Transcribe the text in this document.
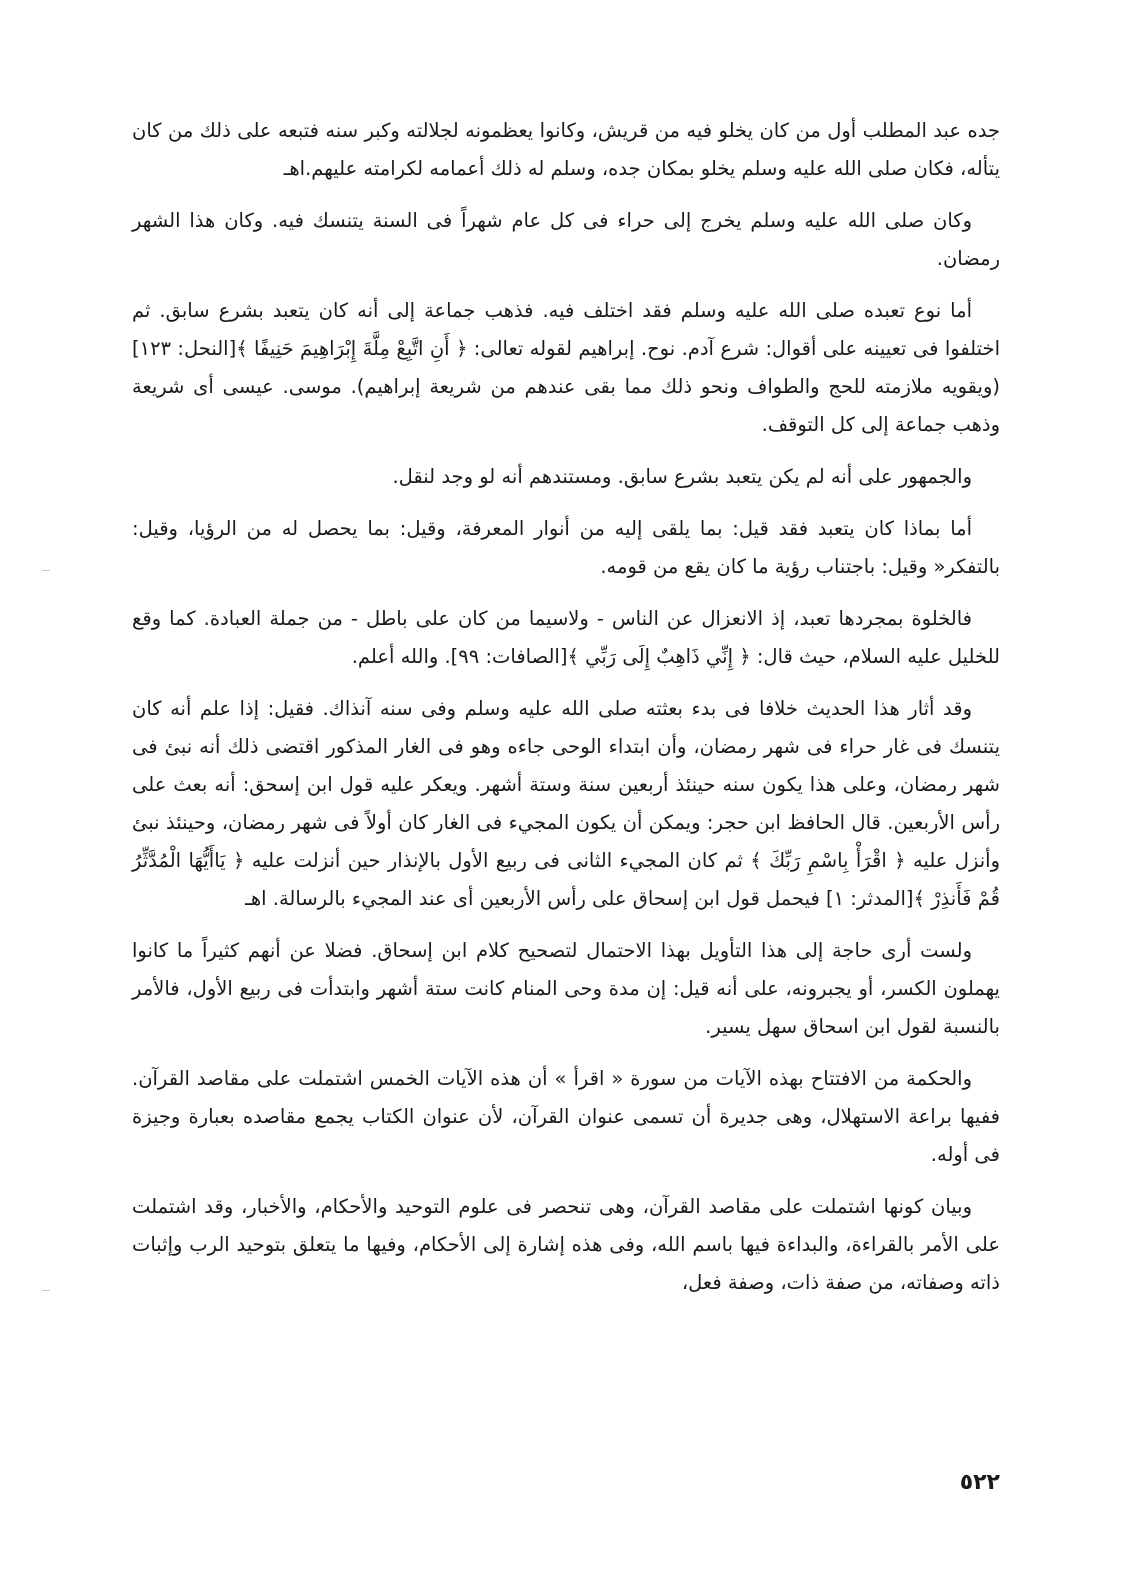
جده عبد المطلب أول من كان يخلو فيه من قريش، وكانوا يعظمونه لجلالته وكبر سنه فتبعه على ذلك من كان يتأله، فكان صلى الله عليه وسلم يخلو بمكان جده، وسلم له ذلك أعمامه لكرامته عليهم.اهـ

وكان صلى الله عليه وسلم يخرج إلى حراء فى كل عام شهراً فى السنة يتنسك فيه. وكان هذا الشهر رمضان.

أما نوع تعبده صلى الله عليه وسلم فقد اختلف فيه. فذهب جماعة إلى أنه كان يتعبد بشرع سابق. ثم اختلفوا فى تعيينه على أقوال: شرع آدم. نوح. إبراهيم لقوله تعالى: ﴿ أَنِ اتَّبِعْ مِلَّةَ إِبْرَاهِيمَ حَنِيفًا ﴾[النحل: ١٢٣] (ويقويه ملازمته للحج والطواف ونحو ذلك مما بقى عندهم من شريعة إبراهيم). موسى. عيسى أى شريعة وذهب جماعة إلى كل التوقف.

والجمهور على أنه لم يكن يتعبد بشرع سابق. ومستندهم أنه لو وجد لنقل.

أما بماذا كان يتعبد فقد قيل: بما يلقى إليه من أنوار المعرفة، وقيل: بما يحصل له من الرؤيا، وقيل: بالتفكر« وقيل: باجتناب رؤية ما كان يقع من قومه.

فالخلوة بمجردها تعبد، إذ الانعزال عن الناس - ولاسيما من كان على باطل - من جملة العبادة. كما وقع للخليل عليه السلام، حيث قال: ﴿ إِنِّي ذَاهِبٌ إِلَى رَبِّي ﴾[الصافات: ٩٩]. والله أعلم.

وقد أثار هذا الحديث خلافا فى بدء بعثته صلى الله عليه وسلم وفى سنه آنذاك. فقيل: إذا علم أنه كان يتنسك فى غار حراء فى شهر رمضان، وأن ابتداء الوحى جاءه وهو فى الغار المذكور اقتضى ذلك أنه نبئ فى شهر رمضان، وعلى هذا يكون سنه حينئذ أربعين سنة وستة أشهر. ويعكر عليه قول ابن إسحق: أنه بعث على رأس الأربعين. قال الحافظ ابن حجر: ويمكن أن يكون المجيء فى الغار كان أولاً فى شهر رمضان، وحينئذ نبئ وأنزل عليه ﴿ اقْرَأْ بِاسْمِ رَبِّكَ ﴾ ثم كان المجيء الثانى فى ربيع الأول بالإنذار حين أنزلت عليه ﴿ يَاأَيُّهَا الْمُدَّثِّرُ قُمْ فَأَنذِرْ ﴾[المدثر: ١] فيحمل قول ابن إسحاق على رأس الأربعين أى عند المجيء بالرسالة. اهـ

ولست أرى حاجة إلى هذا التأويل بهذا الاحتمال لتصحيح كلام ابن إسحاق. فضلا عن أنهم كثيراً ما كانوا يهملون الكسر، أو يجبرونه، على أنه قيل: إن مدة وحى المنام كانت ستة أشهر وابتدأت فى ربيع الأول، فالأمر بالنسبة لقول ابن اسحاق سهل يسير.

والحكمة من الافتتاح بهذه الآيات من سورة « اقرأ » أن هذه الآيات الخمس اشتملت على مقاصد القرآن. ففيها براعة الاستهلال، وهى جديرة أن تسمى عنوان القرآن، لأن عنوان الكتاب يجمع مقاصده بعبارة وجيزة فى أوله.

وبيان كونها اشتملت على مقاصد القرآن، وهى تنحصر فى علوم التوحيد والأحكام، والأخبار، وقد اشتملت على الأمر بالقراءة، والبداءة فيها باسم الله، وفى هذه إشارة إلى الأحكام، وفيها ما يتعلق بتوحيد الرب وإثبات ذاته وصفاته، من صفة ذات، وصفة فعل،

٥٢٢
